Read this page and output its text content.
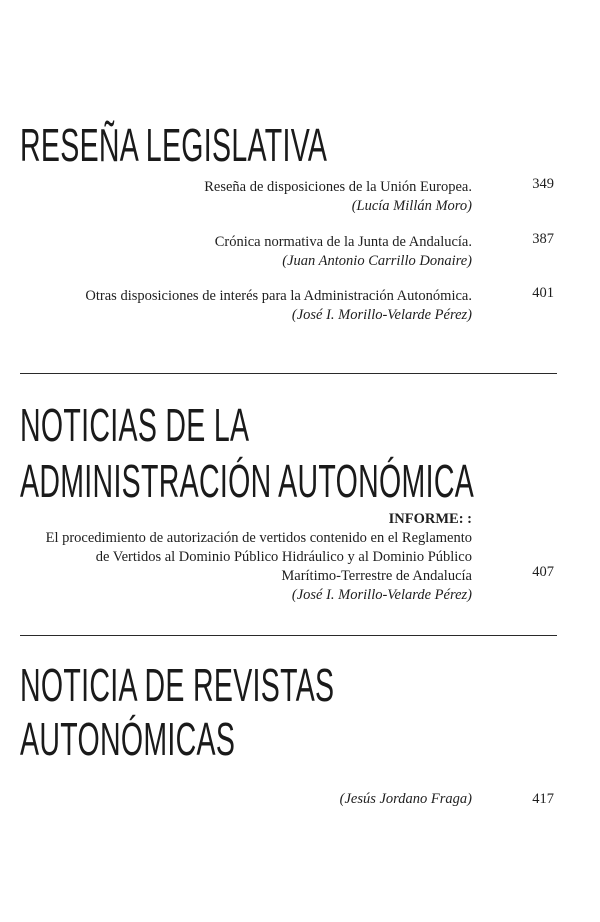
RESEÑA LEGISLATIVA
Reseña de disposiciones de la Unión Europea.
(Lucía Millán Moro)
349
Crónica normativa de la Junta de Andalucía.
(Juan Antonio Carrillo Donaire)
387
Otras disposiciones de interés para la Administración Autonómica.
(José I. Morillo-Velarde Pérez)
401
NOTICIAS DE LA
ADMINISTRACIÓN AUTONÓMICA
INFORME: :
El procedimiento de autorización de vertidos contenido en el Reglamento
de Vertidos al Dominio Público Hidráulico y al Dominio Público
Marítimo-Terrestre de Andalucía
(José I. Morillo-Velarde Pérez)
407
NOTICIA DE REVISTAS
AUTONÓMICAS
(Jesús Jordano Fraga)	417
